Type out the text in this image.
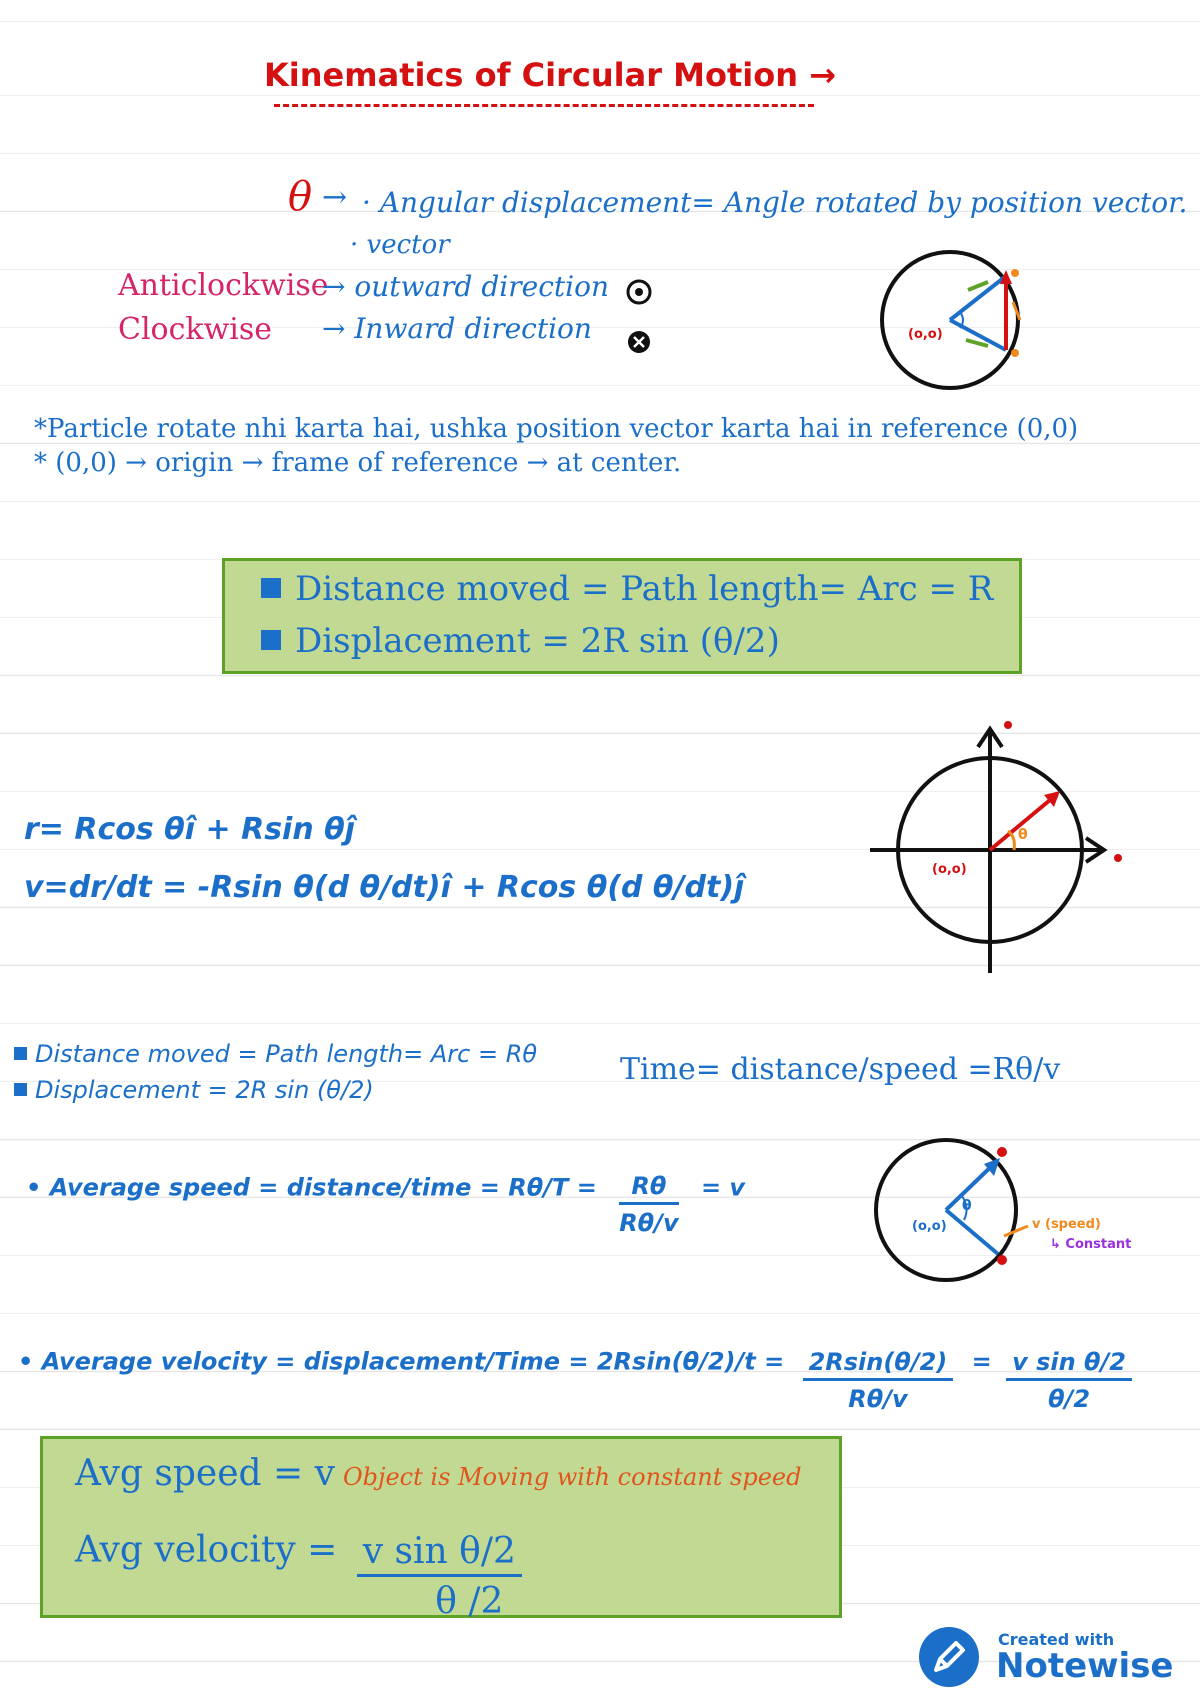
Kinematics of Circular Motion →
θ → · Angular displacement= Angle rotated by position vector.
· vector
Anticlockwise
→ outward direction
Clockwise → Inward direction	(o,o)
*Particle rotate nhi karta hai, ushka position vector karta hai in reference (0,0)
* (0,0) → origin → frame of reference → at center.
Distance moved = Path length= Arc = R
Displacement = 2R sin (θ/2)
r= Rcos θî + Rsin θĵ
v=dr/dt = -Rsin θ(d θ/dt)î + Rcos θ(d θ/dt)ĵ
θ
(o,o)
Distance moved = Path length= Arc = Rθ
Displacement = 2R sin (θ/2)
Time= distance/speed =Rθ/v
• Average speed = distance/time = $R\theta/T = \frac{R\theta}{R\theta/v} = v$
θ
(o,o)	v (speed)
↳ Constant
• Average velocity = displacement/Time = $2Rsin(\theta/2)/t = \frac{2Rsin(\theta/2)}{R\theta/v} = \frac{\text{v sin θ/2}}{\theta/2}$
Avg speed = v Object is Moving with constant speed
Avg velocity = $\frac{\text{v sin θ/2}}{\theta /2}$
Created with
Notewise
